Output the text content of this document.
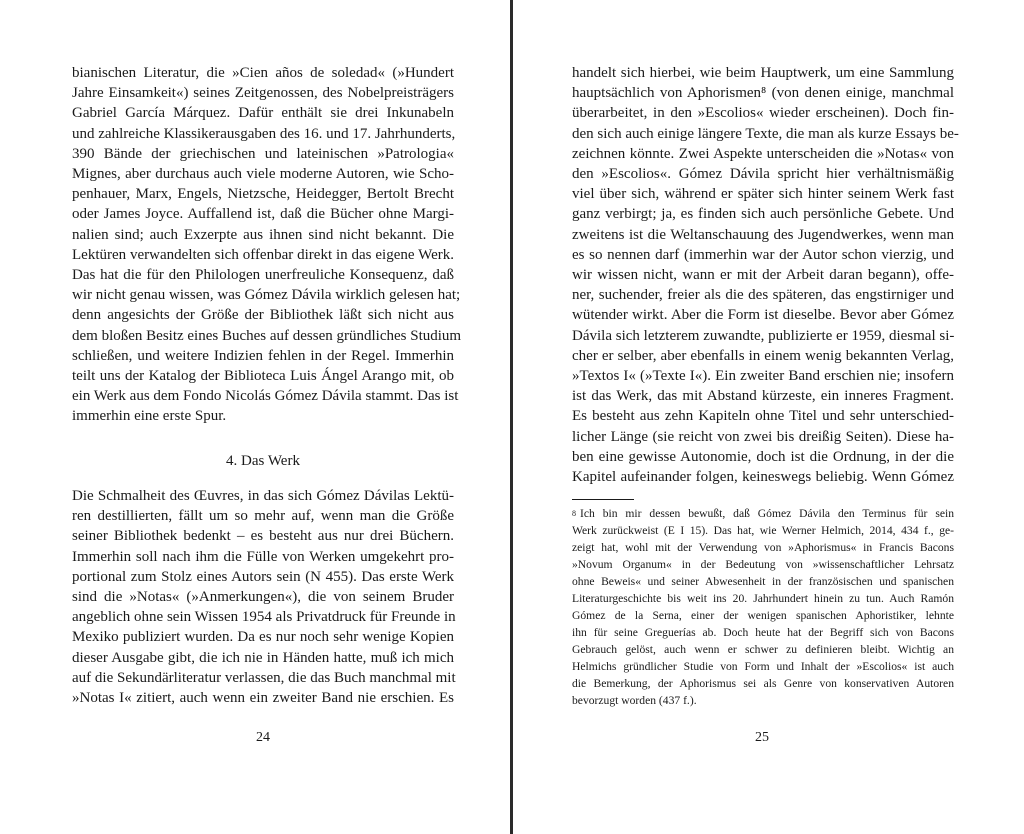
bianischen Literatur, die »Cien años de soledad« (»Hundert
Jahre Einsamkeit«) seines Zeitgenossen, des Nobelpreisträgers
Gabriel García Márquez. Dafür enthält sie drei Inkunabeln
und zahlreiche Klassikerausgaben des 16. und 17. Jahrhunderts,
390 Bände der griechischen und lateinischen »Patrologia«
Mignes, aber durchaus auch viele moderne Autoren, wie Scho-
penhauer, Marx, Engels, Nietzsche, Heidegger, Bertolt Brecht
oder James Joyce. Auffallend ist, daß die Bücher ohne Margi-
nalien sind; auch Exzerpte aus ihnen sind nicht bekannt. Die
Lektüren verwandelten sich offenbar direkt in das eigene Werk.
Das hat die für den Philologen unerfreuliche Konsequenz, daß
wir nicht genau wissen, was Gómez Dávila wirklich gelesen hat;
denn angesichts der Größe der Bibliothek läßt sich nicht aus
dem bloßen Besitz eines Buches auf dessen gründliches Studium
schließen, und weitere Indizien fehlen in der Regel. Immerhin
teilt uns der Katalog der Biblioteca Luis Ángel Arango mit, ob
ein Werk aus dem Fondo Nicolás Gómez Dávila stammt. Das ist
immerhin eine erste Spur.
4. Das Werk
Die Schmalheit des Œuvres, in das sich Gómez Dávilas Lektü-
ren destillierten, fällt um so mehr auf, wenn man die Größe
seiner Bibliothek bedenkt – es besteht aus nur drei Büchern.
Immerhin soll nach ihm die Fülle von Werken umgekehrt pro-
portional zum Stolz eines Autors sein (N 455). Das erste Werk
sind die »Notas« (»Anmerkungen«), die von seinem Bruder
angeblich ohne sein Wissen 1954 als Privatdruck für Freunde in
Mexiko publiziert wurden. Da es nur noch sehr wenige Kopien
dieser Ausgabe gibt, die ich nie in Händen hatte, muß ich mich
auf die Sekundärliteratur verlassen, die das Buch manchmal mit
»Notas I« zitiert, auch wenn ein zweiter Band nie erschien. Es
24
handelt sich hierbei, wie beim Hauptwerk, um eine Sammlung
hauptsächlich von Aphorismen⁸ (von denen einige, manchmal
überarbeitet, in den »Escolios« wieder erscheinen). Doch fin-
den sich auch einige längere Texte, die man als kurze Essays be-
zeichnen könnte. Zwei Aspekte unterscheiden die »Notas« von
den »Escolios«. Gómez Dávila spricht hier verhältnismäßig
viel über sich, während er später sich hinter seinem Werk fast
ganz verbirgt; ja, es finden sich auch persönliche Gebete. Und
zweitens ist die Weltanschauung des Jugendwerkes, wenn man
es so nennen darf (immerhin war der Autor schon vierzig, und
wir wissen nicht, wann er mit der Arbeit daran begann), offe-
ner, suchender, freier als die des späteren, das engstirniger und
wütender wirkt. Aber die Form ist dieselbe. Bevor aber Gómez
Dávila sich letzterem zuwandte, publizierte er 1959, diesmal si-
cher er selber, aber ebenfalls in einem wenig bekannten Verlag,
»Textos I« (»Texte I«). Ein zweiter Band erschien nie; insofern
ist das Werk, das mit Abstand kürzeste, ein inneres Fragment.
Es besteht aus zehn Kapiteln ohne Titel und sehr unterschied-
licher Länge (sie reicht von zwei bis dreißig Seiten). Diese ha-
ben eine gewisse Autonomie, doch ist die Ordnung, in der die
Kapitel aufeinander folgen, keineswegs beliebig. Wenn Gómez
$^8$ Ich bin mir dessen bewußt, daß Gómez Dávila den Terminus für sein
Werk zurückweist (E I 15). Das hat, wie Werner Helmich, 2014, 434 f., ge-
zeigt hat, wohl mit der Verwendung von »Aphorismus« in Francis Bacons
»Novum Organum« in der Bedeutung von »wissenschaftlicher Lehrsatz
ohne Beweis« und seiner Abwesenheit in der französischen und spanischen
Literaturgeschichte bis weit ins 20. Jahrhundert hinein zu tun. Auch Ramón
Gómez de la Serna, einer der wenigen spanischen Aphoristiker, lehnte
ihn für seine Greguerías ab. Doch heute hat der Begriff sich von Bacons
Gebrauch gelöst, auch wenn er schwer zu definieren bleibt. Wichtig an
Helmichs gründlicher Studie von Form und Inhalt der »Escolios« ist auch
die Bemerkung, der Aphorismus sei als Genre von konservativen Autoren
bevorzugt worden (437 f.).
25
